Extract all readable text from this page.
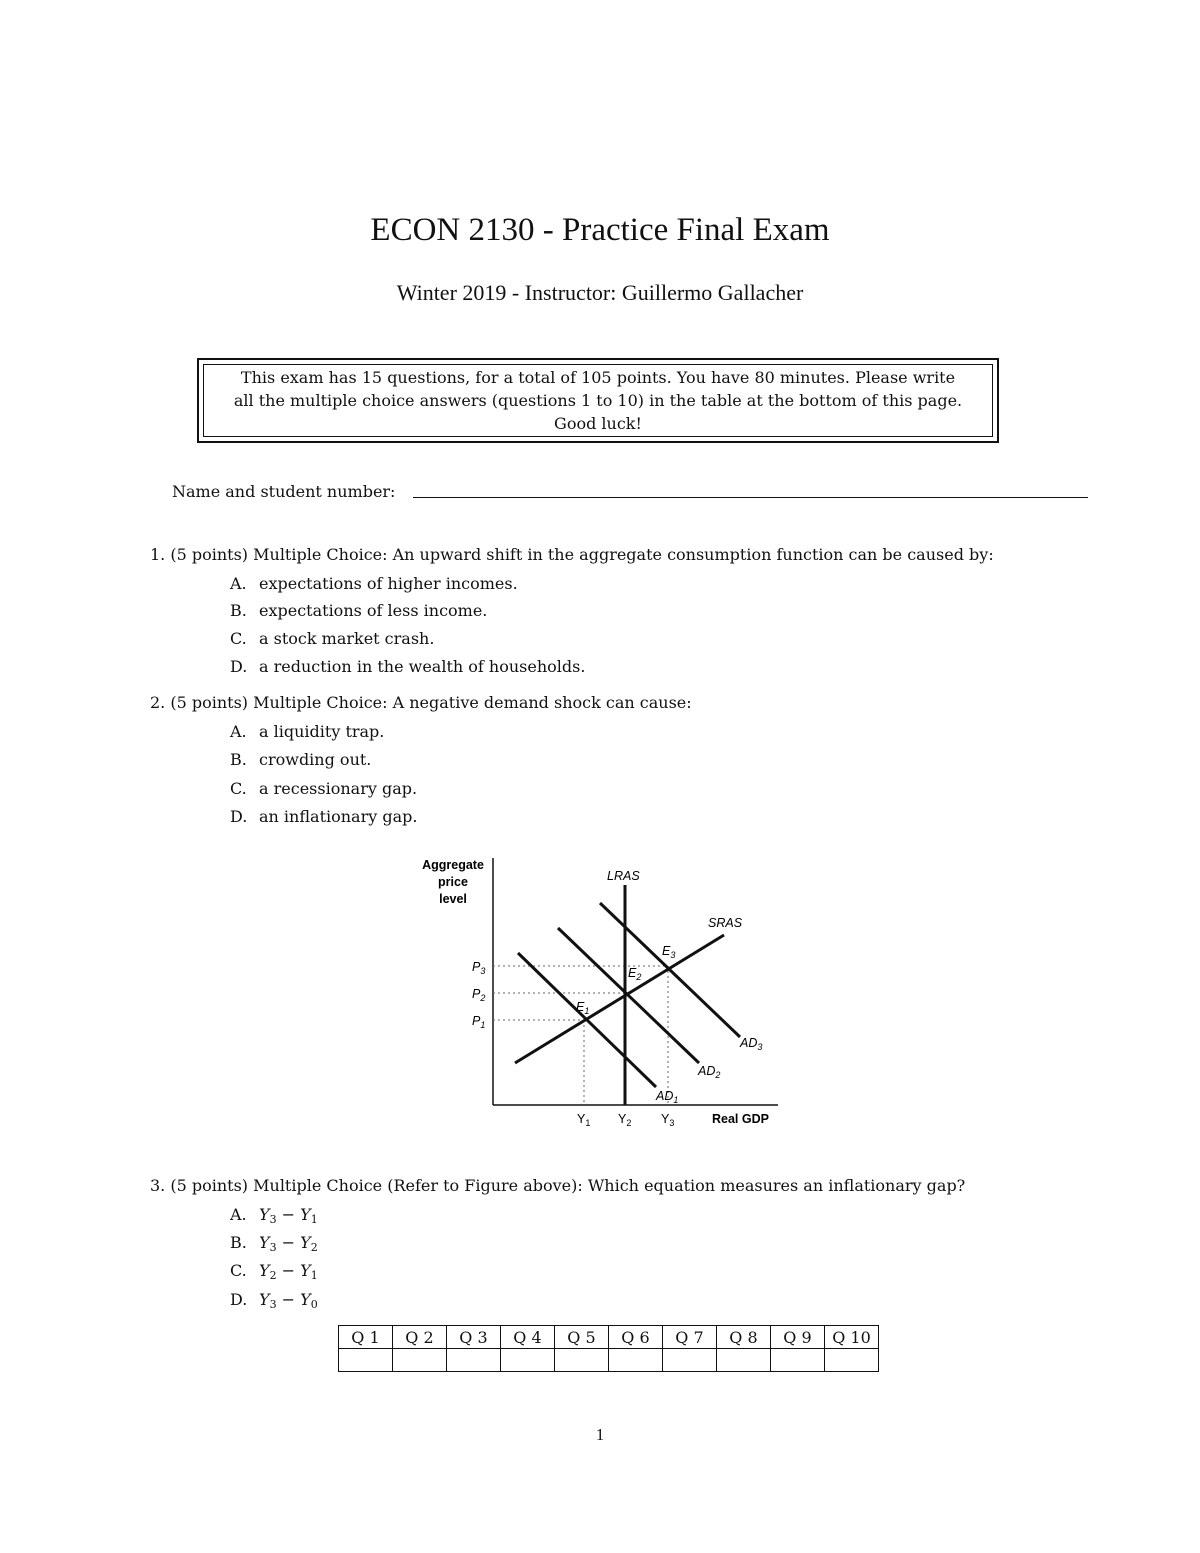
ECON 2130 - Practice Final Exam
Winter 2019 - Instructor: Guillermo Gallacher
This exam has 15 questions, for a total of 105 points. You have 80 minutes. Please write
all the multiple choice answers (questions 1 to 10) in the table at the bottom of this page.
Good luck!
Name and student number:
1. (5 points) Multiple Choice: An upward shift in the aggregate consumption function can be caused by:
A. expectations of higher incomes.
B. expectations of less income.
C. a stock market crash.
D. a reduction in the wealth of households.
2. (5 points) Multiple Choice: A negative demand shock can cause:
A. a liquidity trap.
B. crowding out.
C. a recessionary gap.
D. an inflationary gap.
Aggregate
price
level
Real GDP
LRAS
SRAS
$AD_1$
$AD_2$
$AD_3$
$E_1$
$E_2$
$E_3$
$P_3$
$P_2$
$P_1$
$Y_1$ $Y_2$ $Y_3$
3. (5 points) Multiple Choice (Refer to Figure above): Which equation measures an inflationary gap?
A. $Y_3 - Y_1$
B. $Y_3 - Y_2$
C. $Y_2 - Y_1$
D. $Y_3 - Y_0$
Q 1	Q 2	Q 3	Q 4	Q 5	Q 6	Q 7	Q 8	Q 9	Q 10

1
